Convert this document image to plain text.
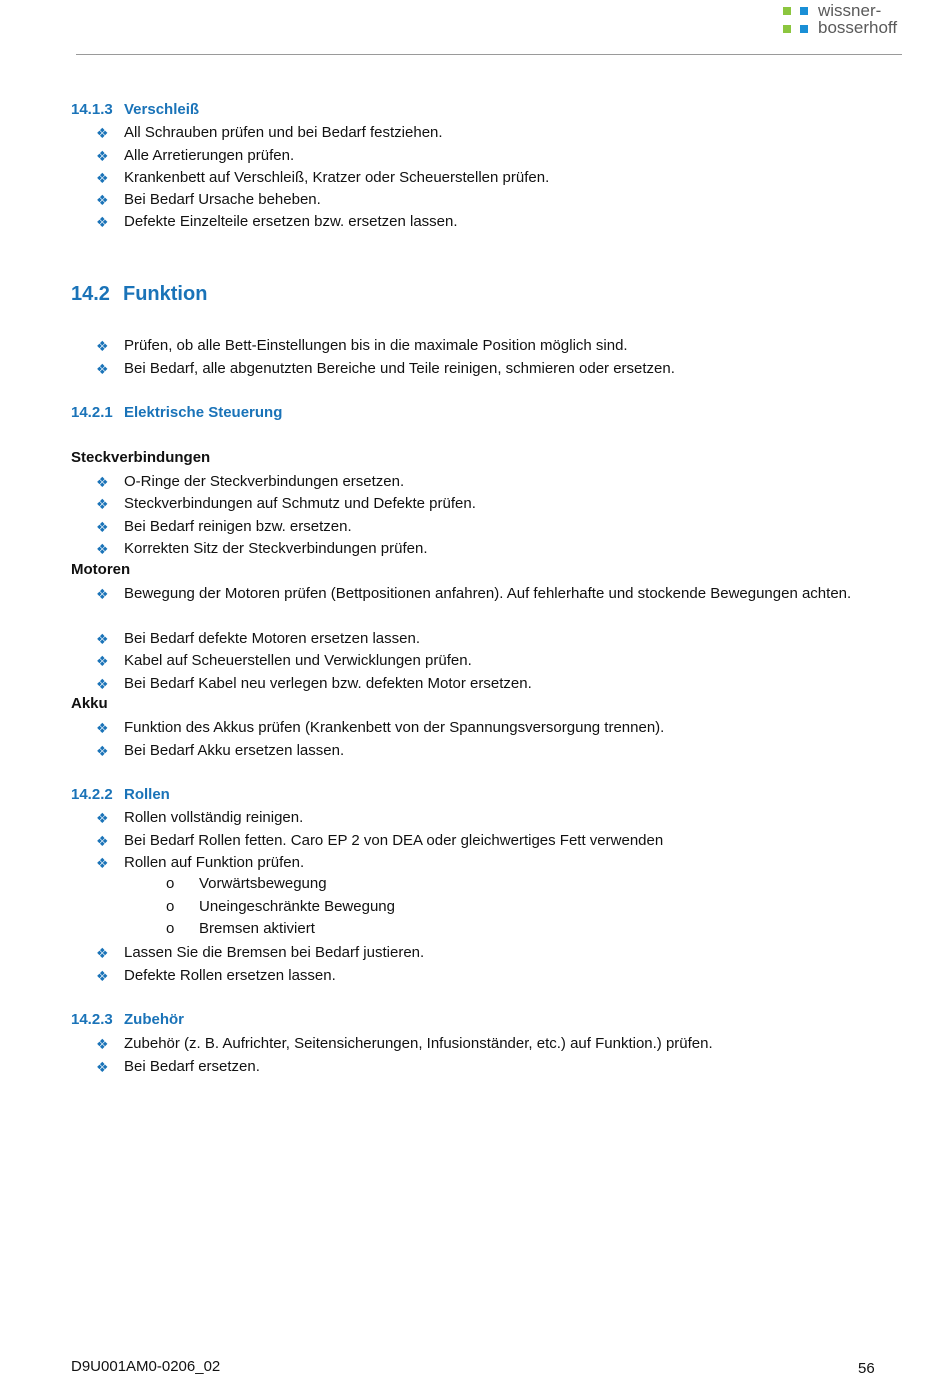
wissner-
bosserhoff
14.1.3 Verschleiß
❖ All Schrauben prüfen und bei Bedarf festziehen.
❖ Alle Arretierungen prüfen.
❖ Krankenbett auf Verschleiß, Kratzer oder Scheuerstellen prüfen.
❖ Bei Bedarf Ursache beheben.
❖ Defekte Einzelteile ersetzen bzw. ersetzen lassen.
14.2 Funktion
❖ Prüfen, ob alle Bett-Einstellungen bis in die maximale Position möglich sind.
❖ Bei Bedarf, alle abgenutzten Bereiche und Teile reinigen, schmieren oder ersetzen.
14.2.1 Elektrische Steuerung
Steckverbindungen
❖ O-Ringe der Steckverbindungen ersetzen.
❖ Steckverbindungen auf Schmutz und Defekte prüfen.
❖ Bei Bedarf reinigen bzw. ersetzen.
❖ Korrekten Sitz der Steckverbindungen prüfen.
Motoren
❖ Bewegung der Motoren prüfen (Bettpositionen anfahren). Auf fehlerhafte und stockende Bewegungen achten.
❖ Bei Bedarf defekte Motoren ersetzen lassen.
❖ Kabel auf Scheuerstellen und Verwicklungen prüfen.
❖ Bei Bedarf Kabel neu verlegen bzw. defekten Motor ersetzen.
Akku
❖ Funktion des Akkus prüfen (Krankenbett von der Spannungsversorgung trennen).
❖ Bei Bedarf Akku ersetzen lassen.
14.2.2 Rollen
❖ Rollen vollständig reinigen.
❖ Bei Bedarf Rollen fetten. Caro EP 2 von DEA oder gleichwertiges Fett verwenden
❖ Rollen auf Funktion prüfen.
o Vorwärtsbewegung
o Uneingeschränkte Bewegung
o Bremsen aktiviert
❖ Lassen Sie die Bremsen bei Bedarf justieren.
❖ Defekte Rollen ersetzen lassen.
14.2.3 Zubehör
❖ Zubehör (z. B. Aufrichter, Seitensicherungen, Infusionständer, etc.) auf Funktion.) prüfen.
❖ Bei Bedarf ersetzen.
D9U001AM0-0206_02	56
